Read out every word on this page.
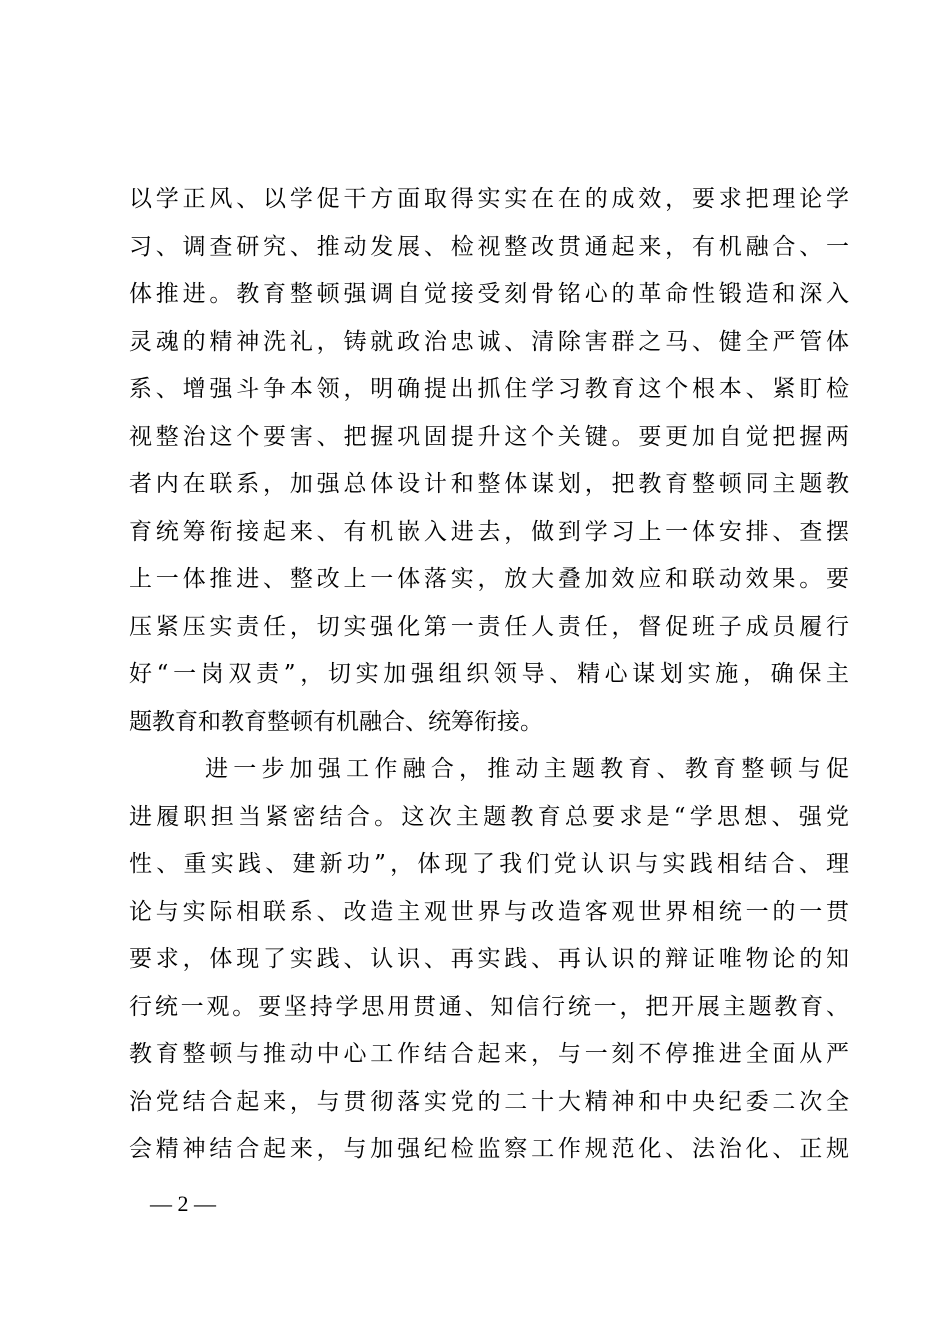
以学正风、以学促干方面取得实实在在的成效，要求把理论学
习、调查研究、推动发展、检视整改贯通起来，有机融合、一
体推进。教育整顿强调自觉接受刻骨铭心的革命性锻造和深入
灵魂的精神洗礼，铸就政治忠诚、清除害群之马、健全严管体
系、增强斗争本领，明确提出抓住学习教育这个根本、紧盯检
视整治这个要害、把握巩固提升这个关键。要更加自觉把握两
者内在联系，加强总体设计和整体谋划，把教育整顿同主题教
育统筹衔接起来、有机嵌入进去，做到学习上一体安排、查摆
上一体推进、整改上一体落实，放大叠加效应和联动效果。要
压紧压实责任，切实强化第一责任人责任，督促班子成员履行
好“一岗双责”，切实加强组织领导、精心谋划实施，确保主
题教育和教育整顿有机融合、统筹衔接。
进一步加强工作融合，推动主题教育、教育整顿与促
进履职担当紧密结合。这次主题教育总要求是“学思想、强党
性、重实践、建新功”，体现了我们党认识与实践相结合、理
论与实际相联系、改造主观世界与改造客观世界相统一的一贯
要求，体现了实践、认识、再实践、再认识的辩证唯物论的知
行统一观。要坚持学思用贯通、知信行统一，把开展主题教育、
教育整顿与推动中心工作结合起来，与一刻不停推进全面从严
治党结合起来，与贯彻落实党的二十大精神和中央纪委二次全
会精神结合起来，与加强纪检监察工作规范化、法治化、正规
— 2 —
